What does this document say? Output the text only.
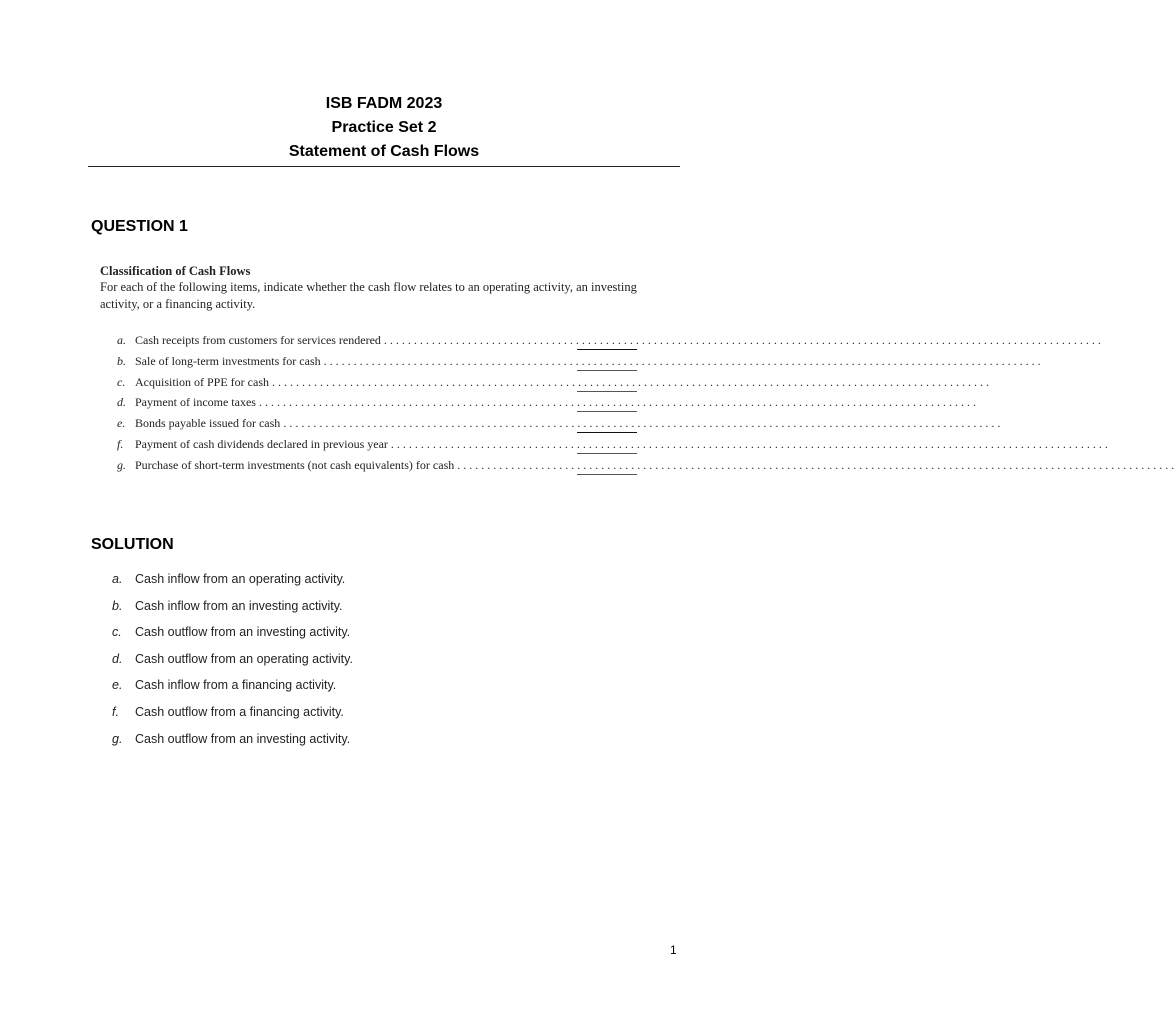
ISB FADM 2023
Practice Set 2
Statement of Cash Flows
QUESTION 1
Classification of Cash Flows
For each of the following items, indicate whether the cash flow relates to an operating activity, an investing activity, or a financing activity.
a. Cash receipts from customers for services rendered . . . . . . . . . . . . . . . . . . . . . . . . . . . . . . . . . . . . . . . . . . . . . . . . . . . . . . . . . . . . . . . . . . . . . . . . . . . . . . . . . . . . . . . . . . . . . . . . . . . . . . . . . . . . . . . . . . . . . . . .
b. Sale of long-term investments for cash . . . . . . . . . . . . . . . . . . . . . . . . . . . . . . . . . . . . . . . . . . . . . . . . . . . . . . . . . . . . . . . . . . . . . . . . . . . . . . . . . . . . . . . . . . . . . . . . . . . . . . . . . . . . . . . . . . . . . . . .
c. Acquisition of PPE for cash . . . . . . . . . . . . . . . . . . . . . . . . . . . . . . . . . . . . . . . . . . . . . . . . . . . . . . . . . . . . . . . . . . . . . . . . . . . . . . . . . . . . . . . . . . . . . . . . . . . . . . . . . . . . . . . . . . . . . . . .
d. Payment of income taxes . . . . . . . . . . . . . . . . . . . . . . . . . . . . . . . . . . . . . . . . . . . . . . . . . . . . . . . . . . . . . . . . . . . . . . . . . . . . . . . . . . . . . . . . . . . . . . . . . . . . . . . . . . . . . . . . . . . . . . . .
e. Bonds payable issued for cash . . . . . . . . . . . . . . . . . . . . . . . . . . . . . . . . . . . . . . . . . . . . . . . . . . . . . . . . . . . . . . . . . . . . . . . . . . . . . . . . . . . . . . . . . . . . . . . . . . . . . . . . . . . . . . . . . . . . . . . .
f. Payment of cash dividends declared in previous year . . . . . . . . . . . . . . . . . . . . . . . . . . . . . . . . . . . . . . . . . . . . . . . . . . . . . . . . . . . . . . . . . . . . . . . . . . . . . . . . . . . . . . . . . . . . . . . . . . . . . . . . . . . . . . . . . . . . . . . .
g. Purchase of short-term investments (not cash equivalents) for cash . . . . . . . . . . . . . . . . . . . . . . . . . . . . . . . . . . . . . . . . . . . . . . . . . . . . . . . . . . . . . . . . . . . . . . . . . . . . . . . . . . . . . . . . . . . . . . . . . . . . . . . . . . . . . . . . . . . . . . . .
SOLUTION
a. Cash inflow from an operating activity.
b. Cash inflow from an investing activity.
c. Cash outflow from an investing activity.
d. Cash outflow from an operating activity.
e. Cash inflow from a financing activity.
f. Cash outflow from a financing activity.
g. Cash outflow from an investing activity.
1
